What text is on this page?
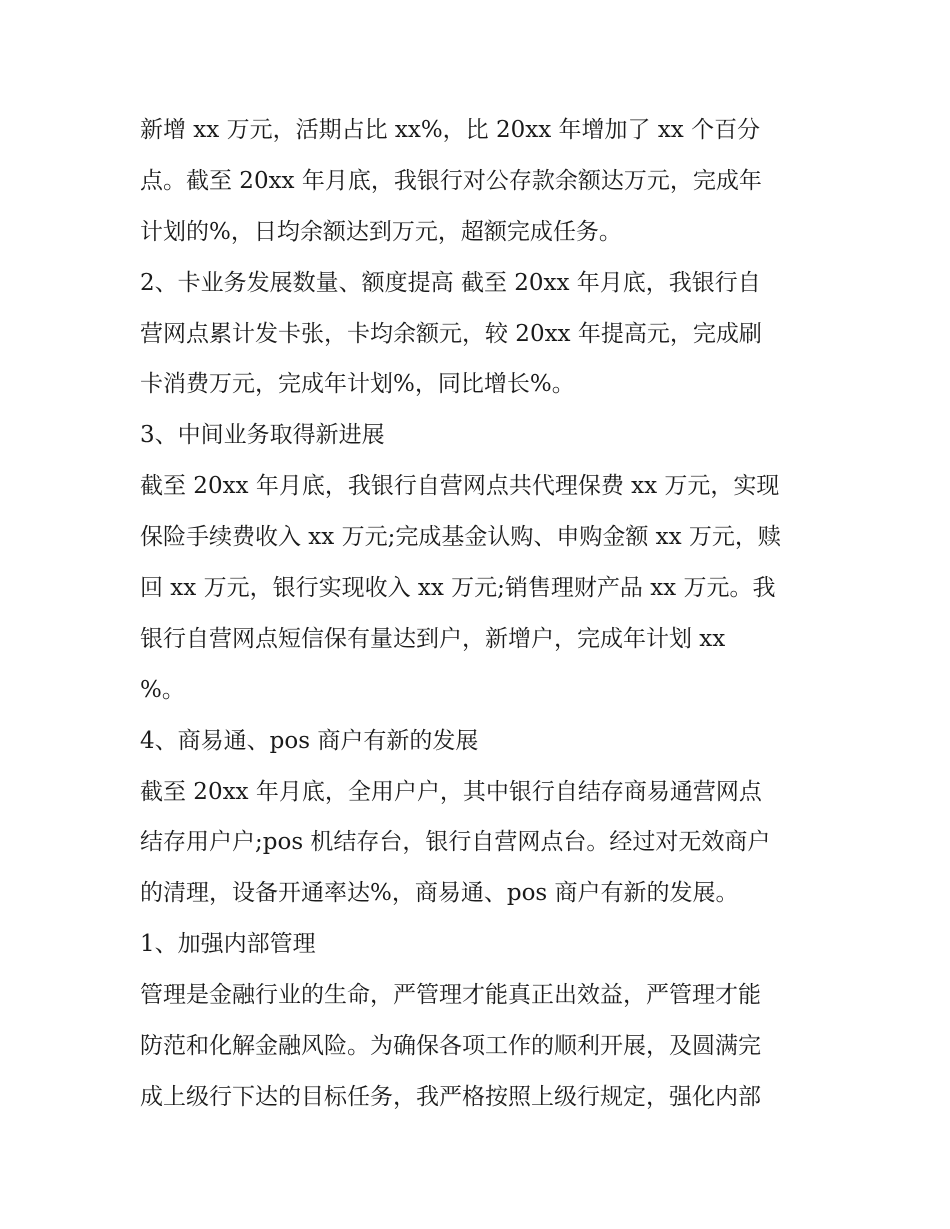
新增 xx 万元，活期占比 xx%，比 20xx 年增加了 xx 个百分

点。截至 20xx 年月底，我银行对公存款余额达万元，完成年

计划的%，日均余额达到万元，超额完成任务。

2、卡业务发展数量、额度提高 截至 20xx 年月底，我银行自

营网点累计发卡张，卡均余额元，较 20xx 年提高元，完成刷

卡消费万元，完成年计划%，同比增长%。

3、中间业务取得新进展

截至 20xx 年月底，我银行自营网点共代理保费 xx 万元，实现

保险手续费收入 xx 万元;完成基金认购、申购金额 xx 万元，赎

回 xx 万元，银行实现收入 xx 万元;销售理财产品 xx 万元。我

银行自营网点短信保有量达到户，新增户，完成年计划 xx

%。

4、商易通、pos 商户有新的发展

截至 20xx 年月底，全用户户，其中银行自结存商易通营网点

结存用户户;pos 机结存台，银行自营网点台。经过对无效商户

的清理，设备开通率达%，商易通、pos 商户有新的发展。

1、加强内部管理

管理是金融行业的生命，严管理才能真正出效益，严管理才能

防范和化解金融风险。为确保各项工作的顺利开展，及圆满完

成上级行下达的目标任务，我严格按照上级行规定，强化内部
